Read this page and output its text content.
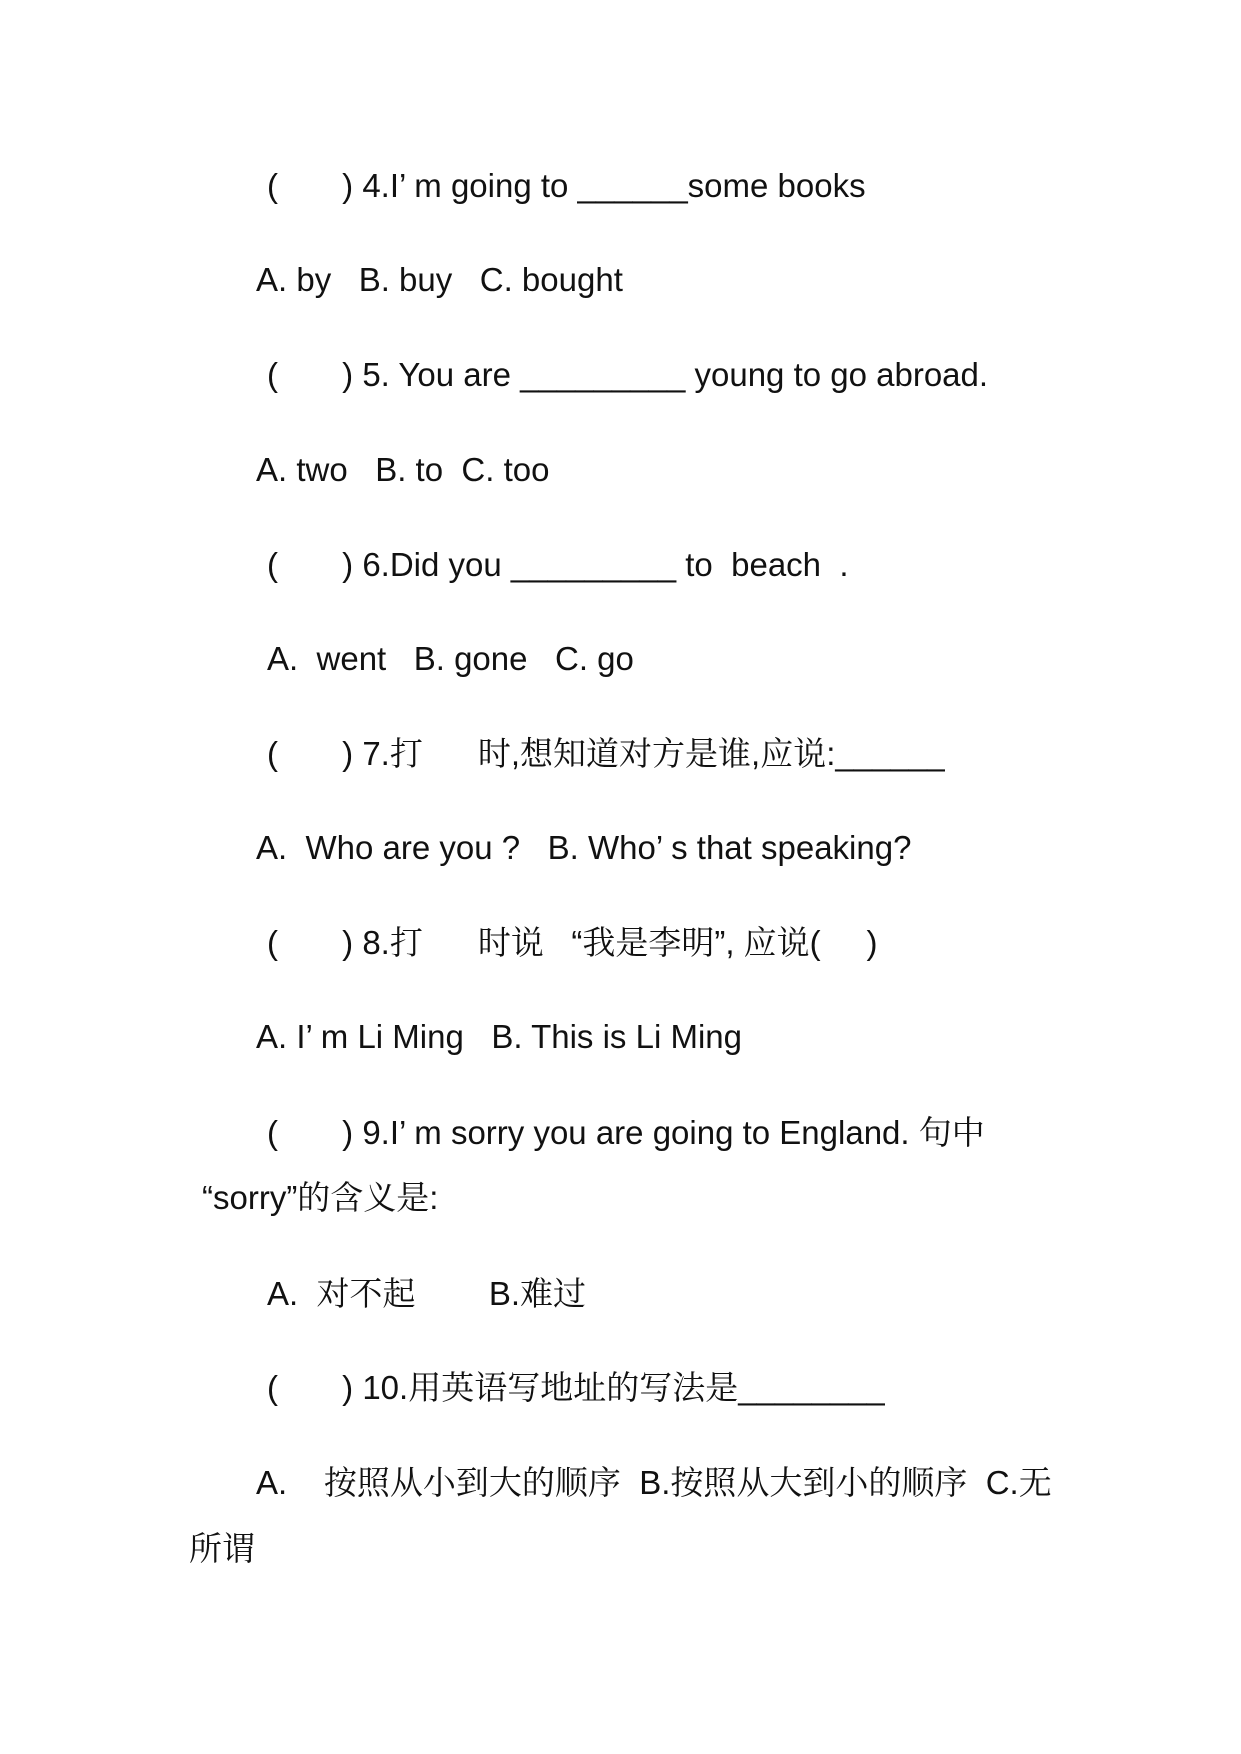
(       ) 4.I’ m going to ______some books
A. by   B. buy   C. bought
(       ) 5. You are _________ young to go abroad.
A. two   B. to  C. too
(       ) 6.Did you _________ to  beach  .
A.  went   B. gone   C. go
(       ) 7.打      时,想知道对方是谁,应说:______
A.  Who are you ?   B. Who’ s that speaking?
(       ) 8.打      时说   “我是李明”, 应说(     )
A. I’ m Li Ming   B. This is Li Ming
(       ) 9.I’ m sorry you are going to England. 句中
“sorry”的含义是:
A.  对不起        B.难过
(       ) 10.用英语写地址的写法是________
A.    按照从小到大的顺序  B.按照从大到小的顺序  C.无
所谓
